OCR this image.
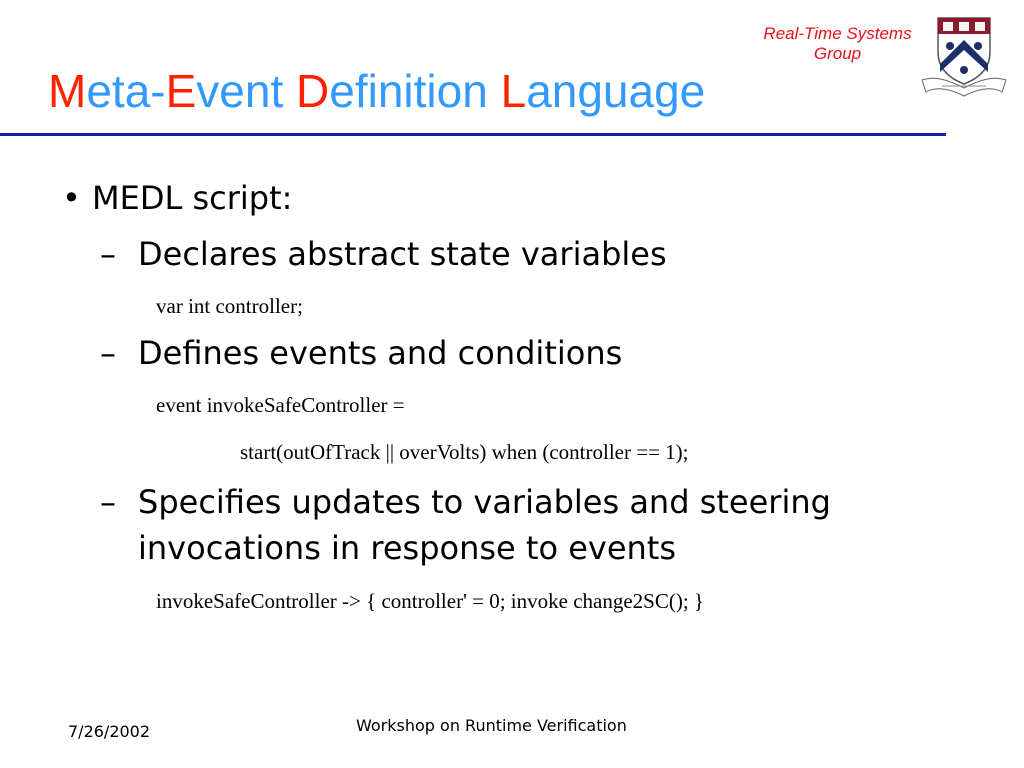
Real-Time Systems
Group
Meta-Event Definition Language
• MEDL script:
– Declares abstract state variables
var int controller;
– Defines events and conditions
event invokeSafeController =
start(outOfTrack || overVolts) when (controller == 1);
– Specifies updates to variables and steering
invocations in response to events
invokeSafeController -> { controller' = 0; invoke change2SC(); }
7/26/2002	Workshop on Runtime Verification
